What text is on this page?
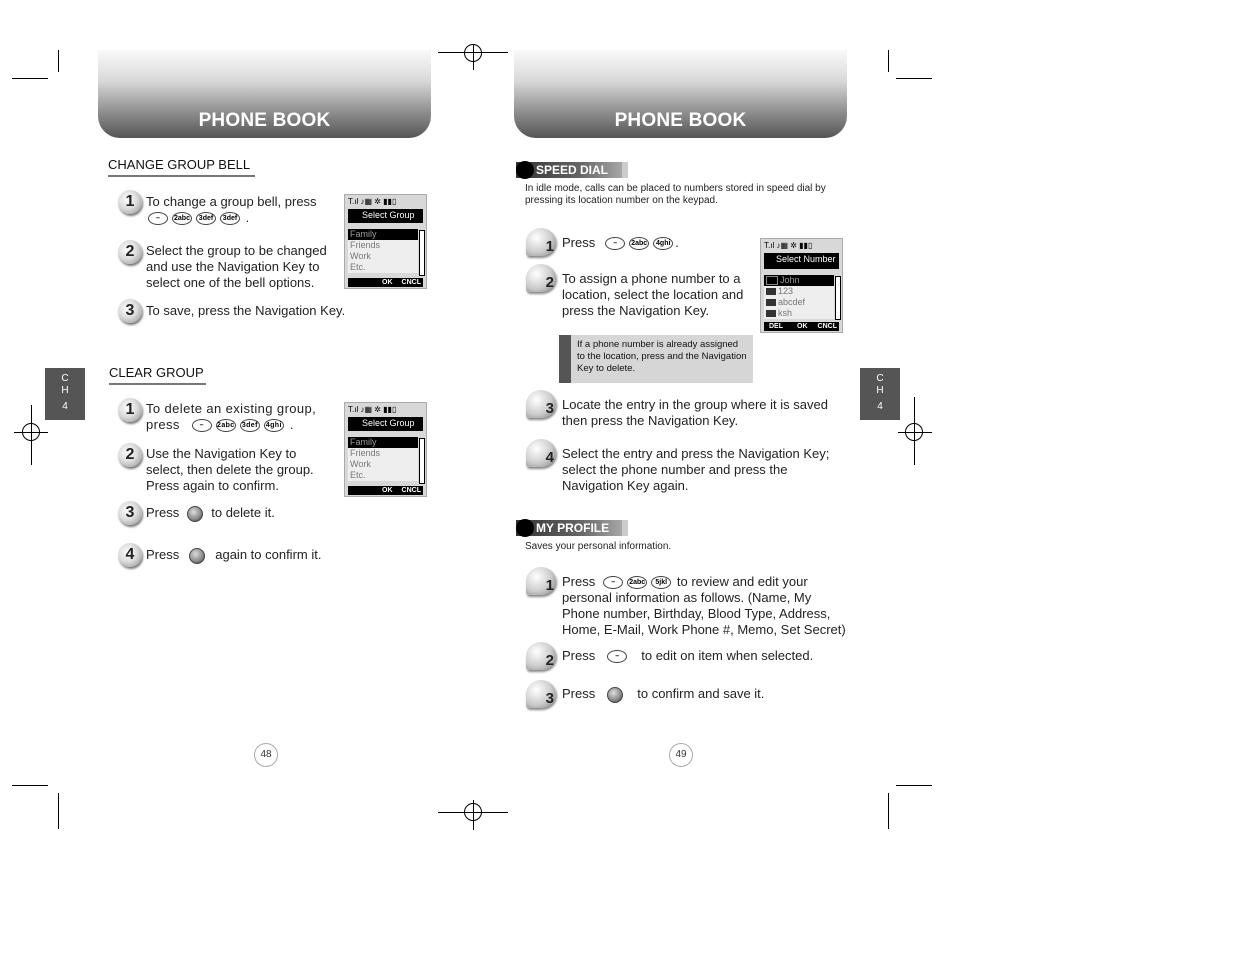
PHONE BOOK
CHANGE GROUP BELL
1 To change a group bell, press
– 2abc 3def 3def .
2 Select the group to be changed and use the Navigation Key to select one of the bell options.
3 To save, press the Navigation Key.
T.ıl ♪▦ ✲ ▮▮▯
Select Group
Family
Friends
Work
Etc.
OK CNCL
C
H
4
CLEAR GROUP
1 To delete an existing group, press	– 2abc 3def 4ghi .
2 Use the Navigation Key to select, then delete the group. Press again to confirm.
3 Press to delete it.
4 Press	again to confirm it.
T.ıl ♪▦ ✲ ▮▮▯
Select Group
Family
Friends
Work
Etc.
OK CNCL
48
PHONE BOOK
SPEED DIAL
In idle mode, calls can be placed to numbers stored in speed dial by pressing its location number on the keypad.
1 Press	– 2abc 4ghi .
2 To assign a phone number to a location, select the location and press the Navigation Key.
T.ıl ♪▦ ✲ ▮▮▯
Select Number
John
123
abcdef
ksh
DEL OK CNCL
If a phone number is already assigned to the location, press and the Navigation Key to delete.
3 Locate the entry in the group where it is saved then press the Navigation Key.
4 Select the entry and press the Navigation Key; select the phone number and press the Navigation Key again.
C
H
4
MY PROFILE
Saves your personal information.
1 Press – 2abc 5jkl to review and edit your personal information as follows. (Name, My Phone number, Birthday, Blood Type, Address, Home, E-Mail, Work Phone #, Memo, Set Secret)
2 Press	– to edit on item when selected.
3 Press	to confirm and save it.
49
